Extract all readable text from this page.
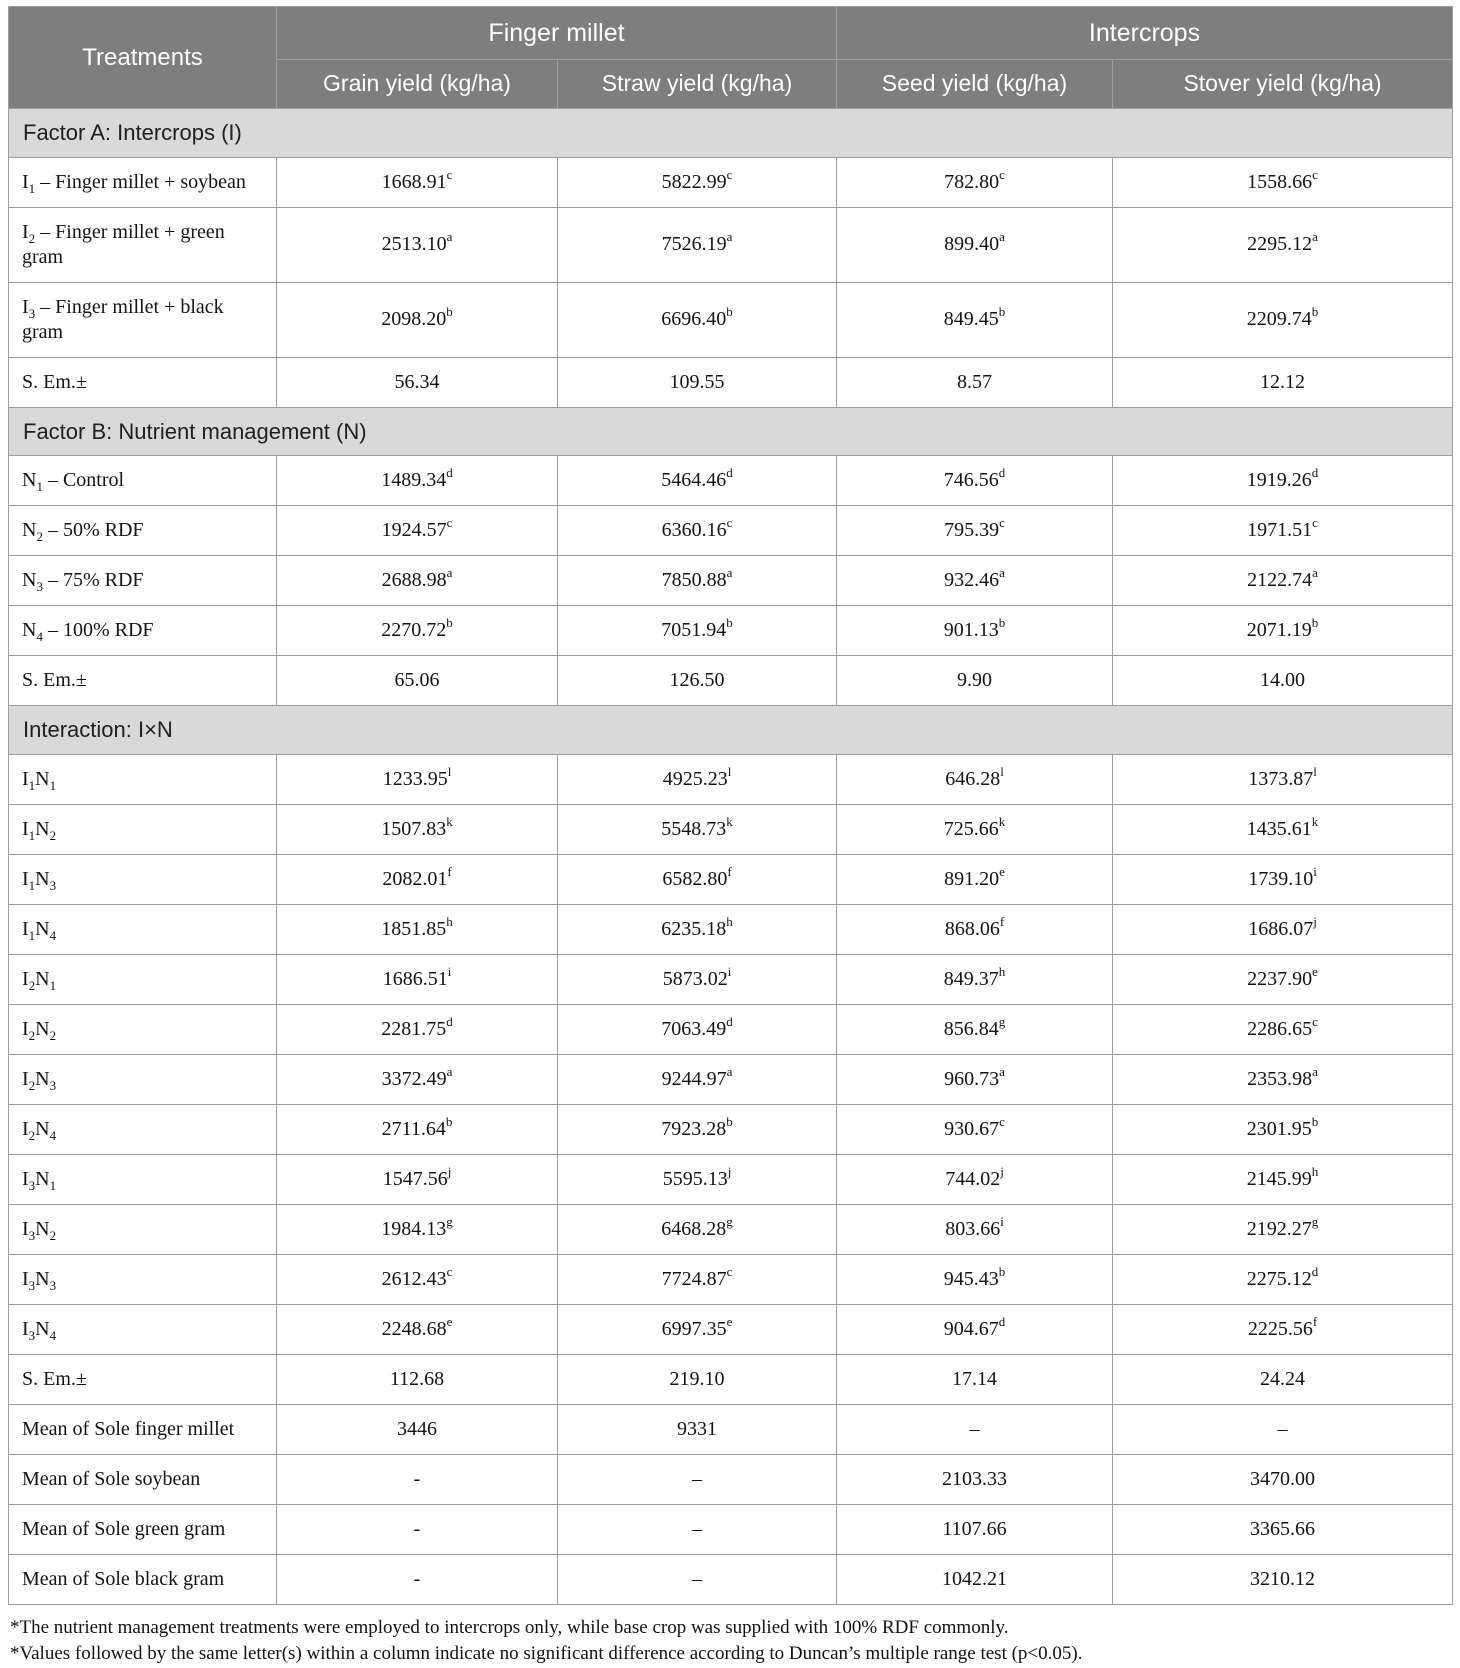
Treatments	Finger millet		Intercrops	
	Grain yield (kg/ha)	Straw yield (kg/ha)	Seed yield (kg/ha)	Stover yield (kg/ha)
Factor A: Intercrops (I)				
$I_1$ – Finger millet + soybean	1668.91$^c$	5822.99$^c$	782.80$^c$	1558.66$^c$
$I_2$ – Finger millet + green gram	2513.10$^a$	7526.19$^a$	899.40$^a$	2295.12$^a$
$I_3$ – Finger millet + black gram	2098.20$^b$	6696.40$^b$	849.45$^b$	2209.74$^b$
S. Em.±	56.34	109.55	8.57	12.12
Factor B: Nutrient management (N)				
$N_1$ – Control	1489.34$^d$	5464.46$^d$	746.56$^d$	1919.26$^d$
$N_2 - 50\%$ RDF	1924.57$^c$	6360.16$^c$	795.39$^c$	1971.51$^c$
$N_3 - 75\%$ RDF	2688.98$^a$	7850.88$^a$	932.46$^a$	2122.74$^a$
$N_4 - 100\%$ RDF	2270.72$^b$	7051.94$^b$	901.13$^b$	2071.19$^b$
S. Em.±	65.06	126.50	9.90	14.00
Interaction: I×N				
$I_1N_1$	1233.95$^l$	4925.23$^l$	646.28$^l$	1373.87$^l$
$I_1N_2$	1507.83$^k$	5548.73$^k$	725.66$^k$	1435.61$^k$
$I_1N_3$	2082.01$^f$	6582.80$^f$	891.20e	1739.10$^i$
$I_1N_4$	1851.85$^h$	6235.18$^h$	868.06$^f$	1686.07$^j$
$I_2N_1$	1686.51$^i$	5873.02$^i$	849.37$^h$	2237.90e
$I_2N_2$	2281.75$^d$	7063.49$^d$	856.84$^g$	2286.65$^c$
$I_2N_3$	3372.49$^a$	9244.97$^a$	960.73$^a$	2353.98$^a$
$I_2N_4$	2711.64$^b$	7923.28$^b$	930.67$^c$	2301.95$^b$
$I_3N_1$	1547.56$^j$	5595.13$^j$	744.02$^j$	2145.99$^h$
$I_3N_2$	1984.13$^g$	6468.28$^g$	803.66$^i$	2192.27$^g$
$I_3N_3$	2612.43$^c$	7724.87$^c$	945.43$^b$	2275.12$^d$
$I_3N_4$	2248.68e	6997.35e	904.67$^d$	2225.56$^f$
S. Em.±	112.68	219.10	17.14	24.24
Mean of Sole finger millet	3446	9331	–	–
Mean of Sole soybean	-	–	2103.33	3470.00
Mean of Sole green gram	-	–	1107.66	3365.66
Mean of Sole black gram	-	–	1042.21	3210.12
*The nutrient management treatments were employed to intercrops only, while base crop was supplied with 100% RDF commonly.
*Values followed by the same letter(s) within a column indicate no significant difference according to Duncan’s multiple range test (p<0.05).
